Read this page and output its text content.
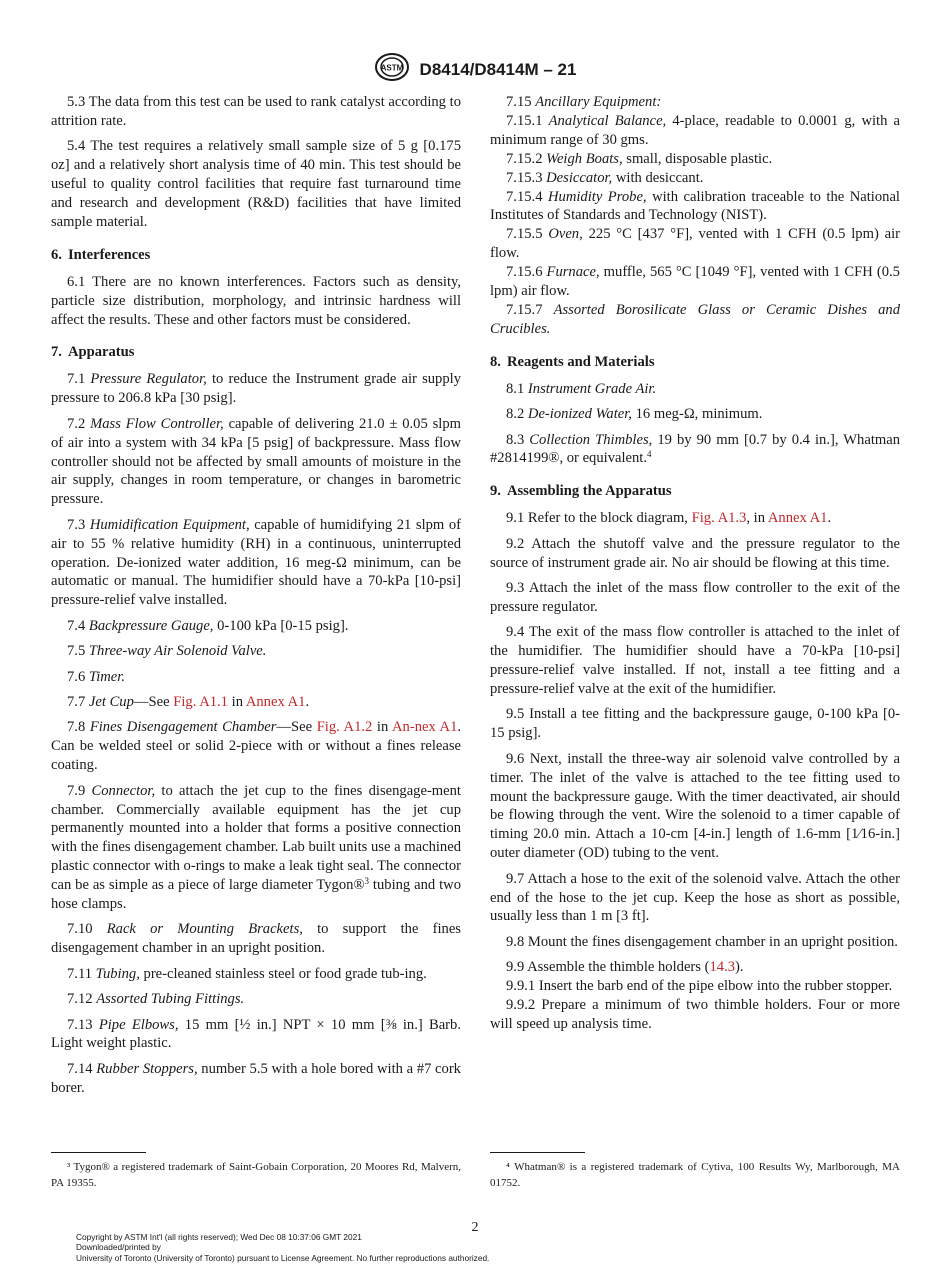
ASTM D8414/D8414M – 21

5.3 The data from this test can be used to rank catalyst according to attrition rate.

5.4 The test requires a relatively small sample size of 5 g [0.175 oz] and a relatively short analysis time of 40 min. This test should be useful to quality control facilities that require fast turnaround time and research and development (R&D) facilities that have limited sample material.

6. Interferences

6.1 There are no known interferences. Factors such as density, particle size distribution, morphology, and intrinsic hardness will affect the results. These and other factors must be considered.

7. Apparatus

7.1 Pressure Regulator, to reduce the Instrument grade air supply pressure to 206.8 kPa [30 psig].

7.2 Mass Flow Controller, capable of delivering 21.0 ± 0.05 slpm of air into a system with 34 kPa [5 psig] of backpressure. Mass flow controller should not be affected by small amounts of moisture in the air supply, changes in room temperature, or changes in barometric pressure.

7.3 Humidification Equipment, capable of humidifying 21 slpm of air to 55 % relative humidity (RH) in a continuous, uninterrupted operation. De-ionized water addition, 16 meg-Ω minimum, can be automatic or manual. The humidifier should have a 70-kPa [10-psi] pressure-relief valve installed.

7.4 Backpressure Gauge, 0-100 kPa [0-15 psig].

7.5 Three-way Air Solenoid Valve.

7.6 Timer.

7.7 Jet Cup—See Fig. A1.1 in Annex A1.

7.8 Fines Disengagement Chamber—See Fig. A1.2 in An-nex A1. Can be welded steel or solid 2-piece with or without a fines release coating.

7.9 Connector, to attach the jet cup to the fines disengage-ment chamber. Commercially available equipment has the jet cup permanently mounted into a holder that forms a positive connection with the fines disengagement chamber. Lab built units use a machined plastic connector with o-rings to make a leak tight seal. The connector can be as simple as a piece of large diameter Tygon®$^3$ tubing and two hose clamps.

7.10 Rack or Mounting Brackets, to support the fines disengagement chamber in an upright position.

7.11 Tubing, pre-cleaned stainless steel or food grade tub-ing.

7.12 Assorted Tubing Fittings.

7.13 Pipe Elbows, 15 mm [½ in.] NPT × 10 mm [⅜ in.] Barb. Light weight plastic.

7.14 Rubber Stoppers, number 5.5 with a hole bored with a #7 cork borer.

7.15 Ancillary Equipment:

7.15.1 Analytical Balance, 4-place, readable to 0.0001 g, with a minimum range of 30 gms.

7.15.2 Weigh Boats, small, disposable plastic.

7.15.3 Desiccator, with desiccant.

7.15.4 Humidity Probe, with calibration traceable to the National Institutes of Standards and Technology (NIST).

7.15.5 Oven, 225 °C [437 °F], vented with 1 CFH (0.5 lpm) air flow.

7.15.6 Furnace, muffle, 565 °C [1049 °F], vented with 1 CFH (0.5 lpm) air flow.

7.15.7 Assorted Borosilicate Glass or Ceramic Dishes and Crucibles.

8. Reagents and Materials

8.1 Instrument Grade Air.

8.2 De-ionized Water, 16 meg-Ω, minimum.

8.3 Collection Thimbles, 19 by 90 mm [0.7 by 0.4 in.], Whatman #2814199®, or equivalent.$^4$

9. Assembling the Apparatus

9.1 Refer to the block diagram, Fig. A1.3, in Annex A1.

9.2 Attach the shutoff valve and the pressure regulator to the source of instrument grade air. No air should be flowing at this time.

9.3 Attach the inlet of the mass flow controller to the exit of the pressure regulator.

9.4 The exit of the mass flow controller is attached to the inlet of the humidifier. The humidifier should have a 70-kPa [10-psi] pressure-relief valve installed. If not, install a tee fitting and a pressure-relief valve at the exit of the humidifier.

9.5 Install a tee fitting and the backpressure gauge, 0-100 kPa [0-15 psig].

9.6 Next, install the three-way air solenoid valve controlled by a timer. The inlet of the valve is attached to the tee fitting used to mount the backpressure gauge. With the timer deactivated, air should be flowing through the vent. Wire the solenoid to a timer capable of timing 20.0 min. Attach a 10-cm [4-in.] length of 1.6-mm [1⁄16-in.] outer diameter (OD) tubing to the vent.

9.7 Attach a hose to the exit of the solenoid valve. Attach the other end of the hose to the jet cup. Keep the hose as short as possible, usually less than 1 m [3 ft].

9.8 Mount the fines disengagement chamber in an upright position.

9.9 Assemble the thimble holders (14.3).

9.9.1 Insert the barb end of the pipe elbow into the rubber stopper.

9.9.2 Prepare a minimum of two thimble holders. Four or more will speed up analysis time.

³ Tygon® a registered trademark of Saint-Gobain Corporation, 20 Moores Rd, Malvern, PA 19355.

⁴ Whatman® is a registered trademark of Cytiva, 100 Results Wy, Marlborough, MA 01752.

2
Copyright by ASTM Int'l (all rights reserved); Wed Dec 08 10:37:06 GMT 2021
Downloaded/printed by
University of Toronto (University of Toronto) pursuant to License Agreement. No further reproductions authorized.
